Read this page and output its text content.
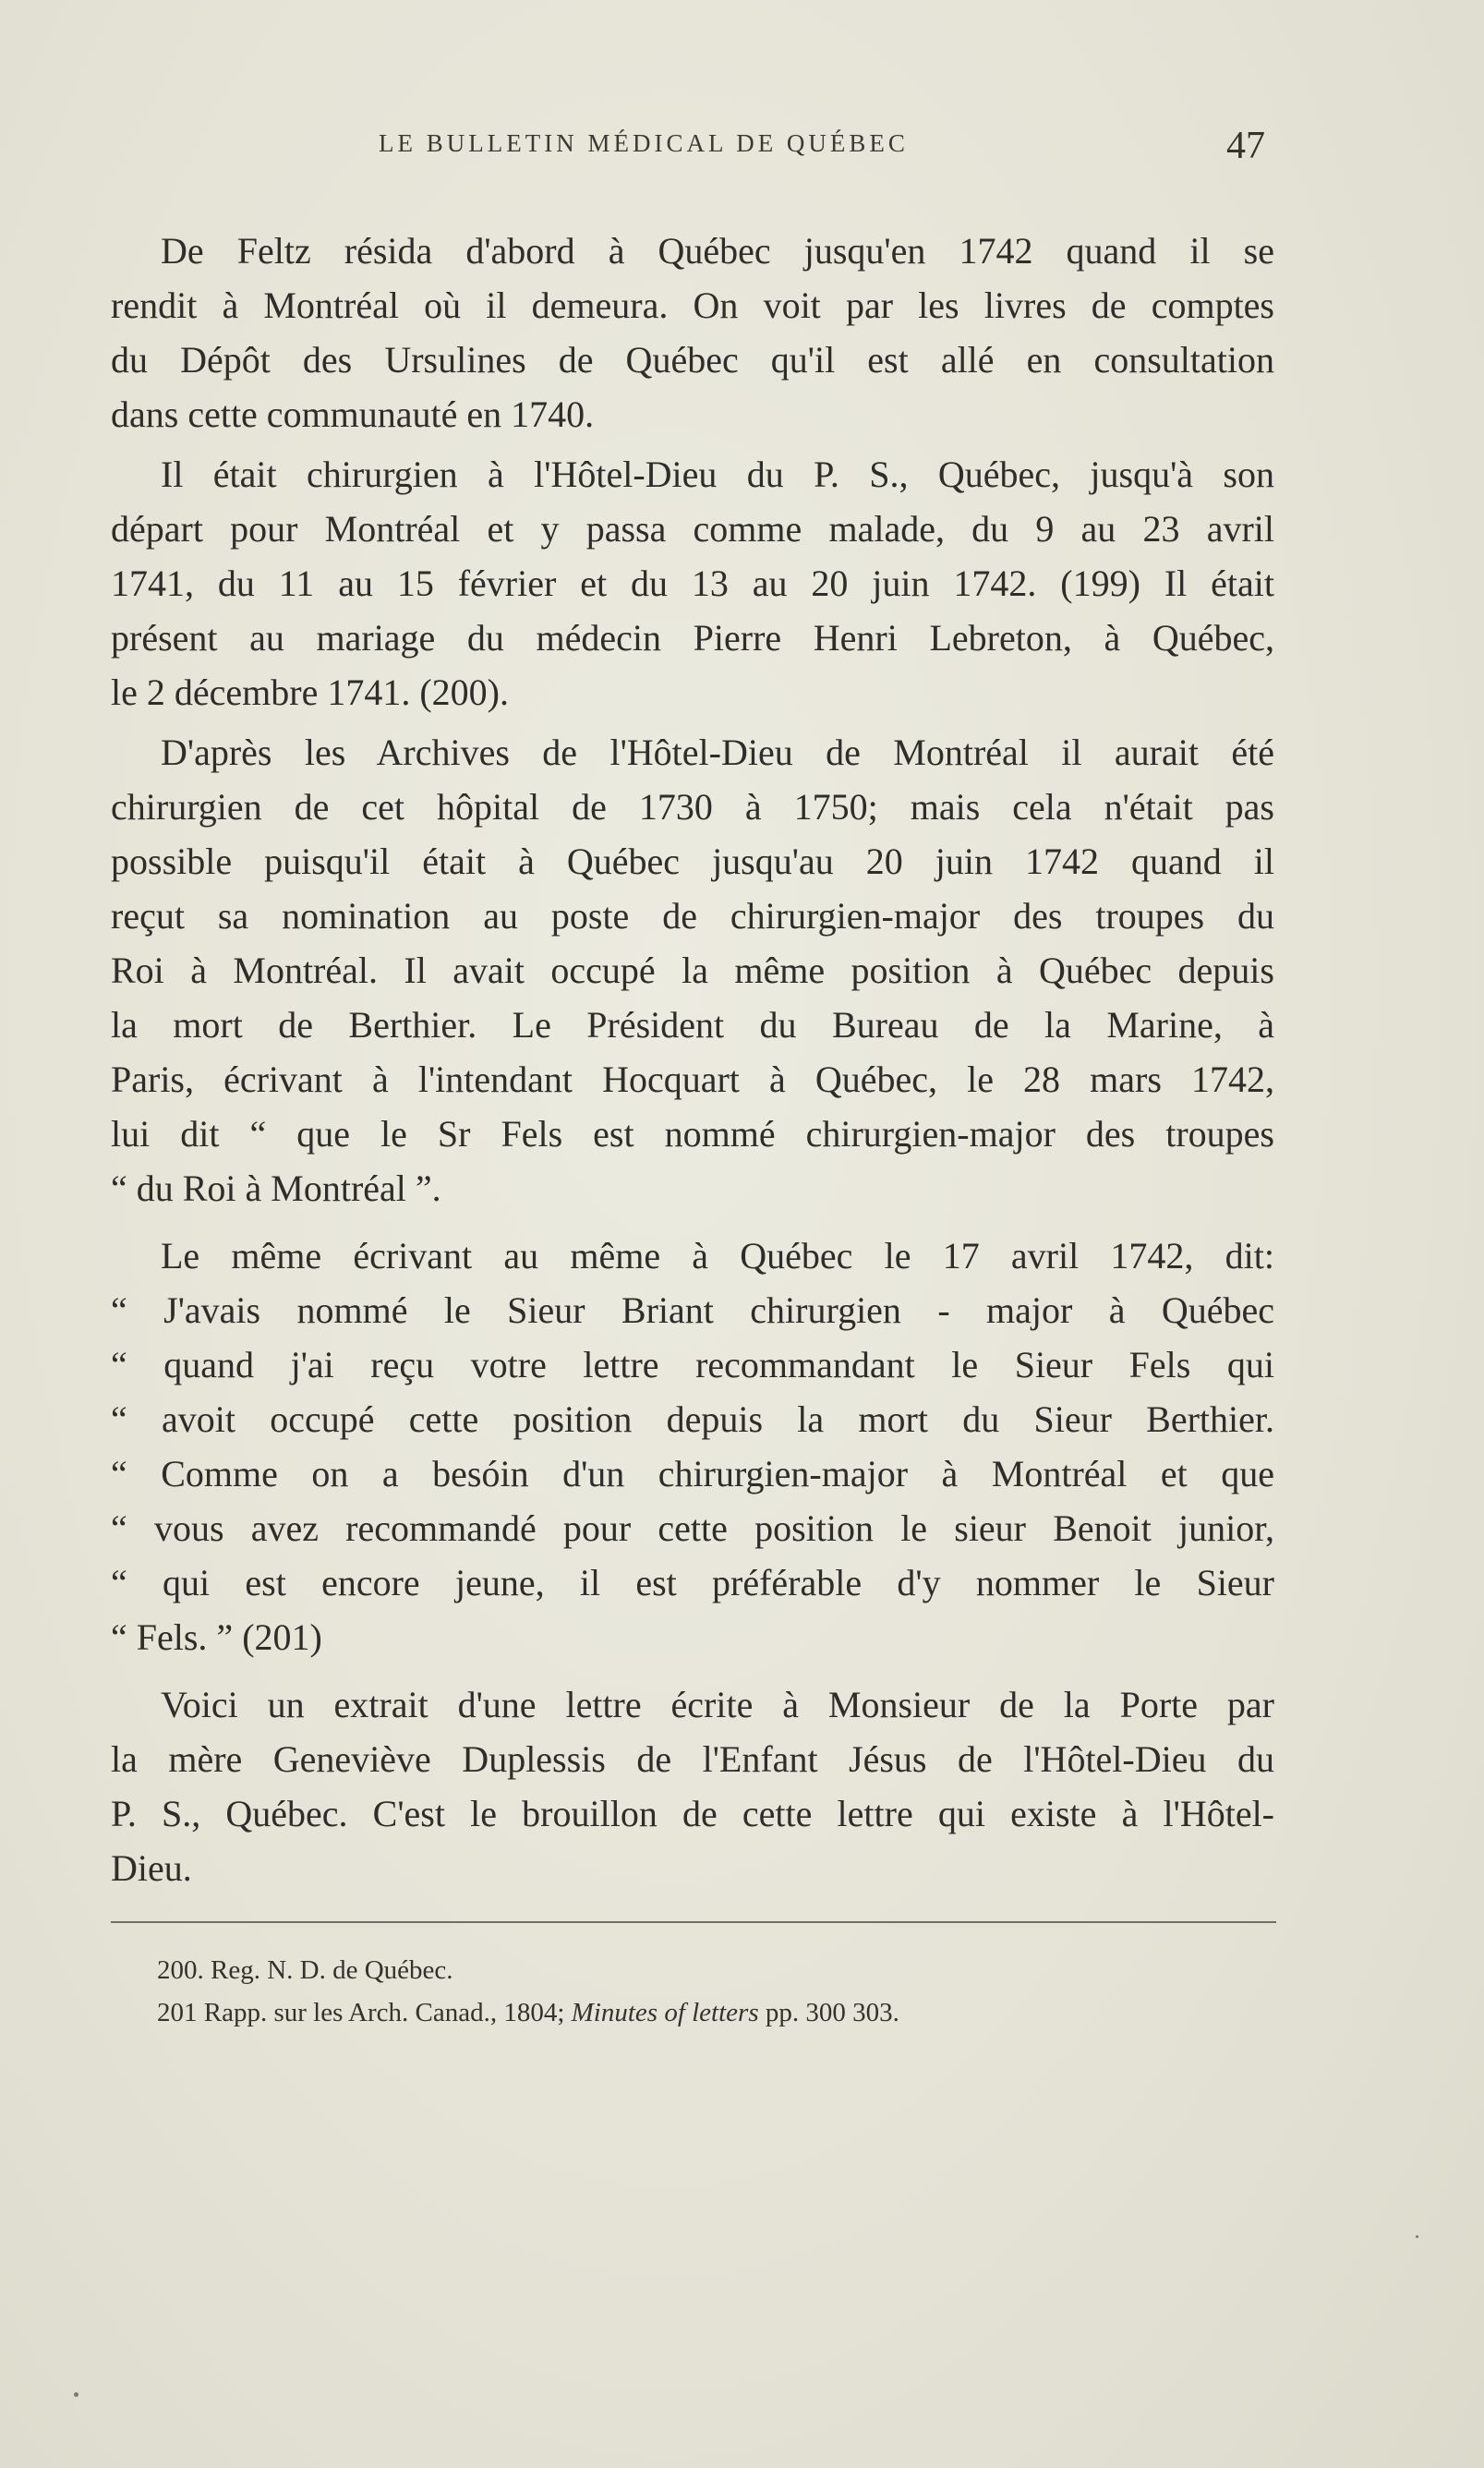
LE BULLETIN MÉDICAL DE QUÉBEC	47

De Feltz résida d'abord à Québec jusqu'en 1742 quand il se
rendit à Montréal où il demeura. On voit par les livres de comptes
du Dépôt des Ursulines de Québec qu'il est allé en consultation
dans cette communauté en 1740.

Il était chirurgien à l'Hôtel-Dieu du P. S., Québec, jusqu'à son
départ pour Montréal et y passa comme malade, du 9 au 23 avril
1741, du 11 au 15 février et du 13 au 20 juin 1742. (199) Il était
présent au mariage du médecin Pierre Henri Lebreton, à Québec,
le 2 décembre 1741. (200).

D'après les Archives de l'Hôtel-Dieu de Montréal il aurait été
chirurgien de cet hôpital de 1730 à 1750; mais cela n'était pas
possible puisqu'il était à Québec jusqu'au 20 juin 1742 quand il
reçut sa nomination au poste de chirurgien-major des troupes du
Roi à Montréal. Il avait occupé la même position à Québec depuis
la mort de Berthier. Le Président du Bureau de la Marine, à
Paris, écrivant à l'intendant Hocquart à Québec, le 28 mars 1742,
lui dit “ que le Sr Fels est nommé chirurgien-major des troupes
“ du Roi à Montréal ”.

Le même écrivant au même à Québec le 17 avril 1742, dit:
“ J'avais nommé le Sieur Briant chirurgien - major à Québec
“ quand j'ai reçu votre lettre recommandant le Sieur Fels qui
“ avoit occupé cette position depuis la mort du Sieur Berthier.
“ Comme on a besóin d'un chirurgien-major à Montréal et que
“ vous avez recommandé pour cette position le sieur Benoit junior,
“ qui est encore jeune, il est préférable d'y nommer le Sieur
“ Fels. ” (201)

Voici un extrait d'une lettre écrite à Monsieur de la Porte par
la mère Geneviève Duplessis de l'Enfant Jésus de l'Hôtel-Dieu du
P. S., Québec. C'est le brouillon de cette lettre qui existe à l'Hôtel-
Dieu.

200. Reg. N. D. de Québec.
201 Rapp. sur les Arch. Canad., 1804; Minutes of letters pp. 300 303.
